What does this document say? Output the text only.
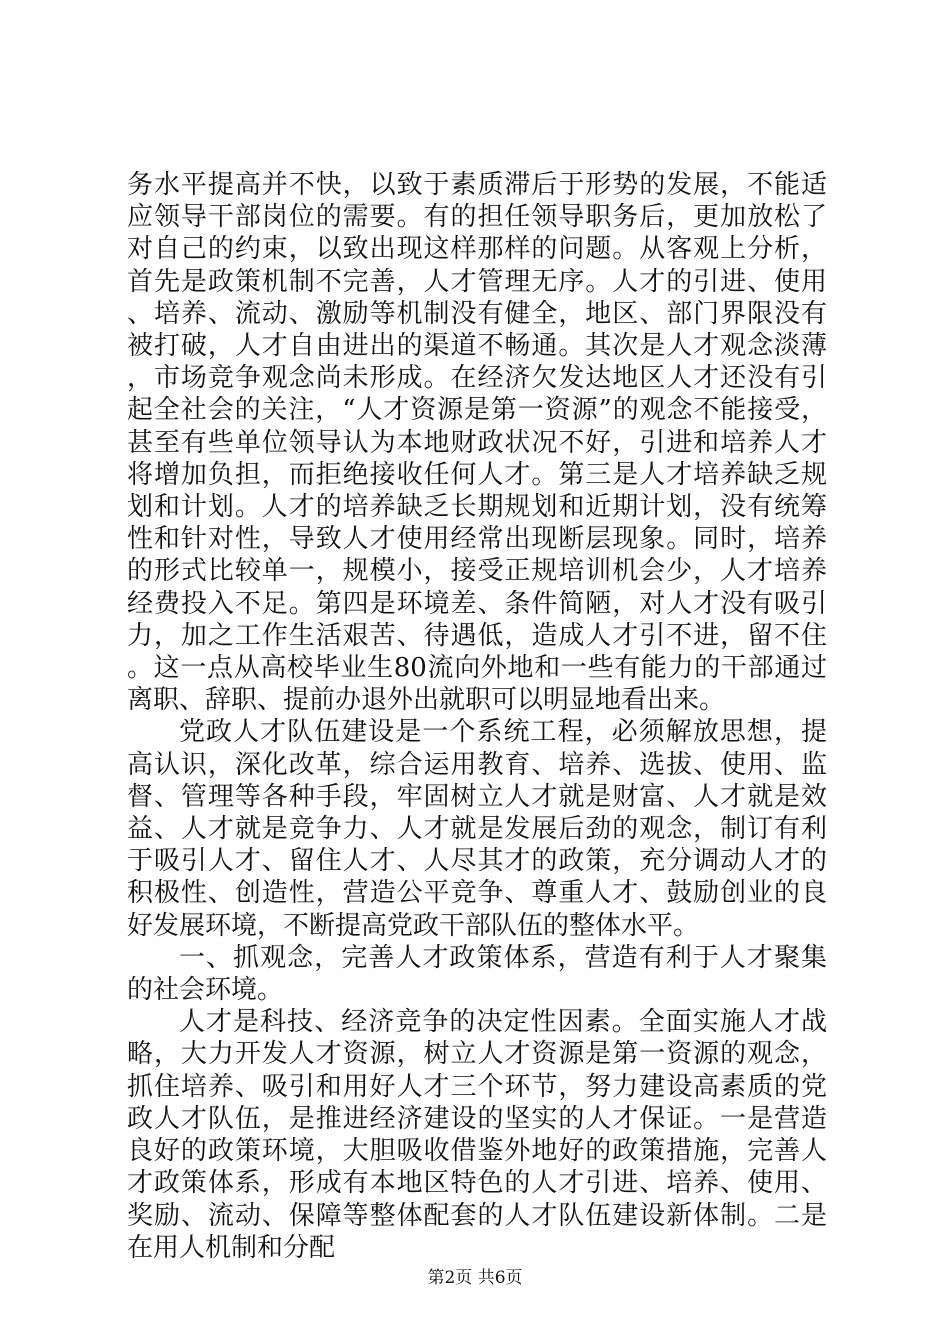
务水平提高并不快，以致于素质滞后于形势的发展，不能适应领导干部岗位的需要。有的担任领导职务后，更加放松了对自己的约束，以致出现这样那样的问题。从客观上分析，首先是政策机制不完善，人才管理无序。人才的引进、使用、培养、流动、激励等机制没有健全，地区、部门界限没有被打破，人才自由进出的渠道不畅通。其次是人才观念淡薄，市场竞争观念尚未形成。在经济欠发达地区人才还没有引起全社会的关注，“人才资源是第一资源”的观念不能接受，甚至有些单位领导认为本地财政状况不好，引进和培养人才将增加负担，而拒绝接收任何人才。第三是人才培养缺乏规划和计划。人才的培养缺乏长期规划和近期计划，没有统筹性和针对性，导致人才使用经常出现断层现象。同时，培养的形式比较单一，规模小，接受正规培训机会少，人才培养经费投入不足。第四是环境差、条件简陋，对人才没有吸引力，加之工作生活艰苦、待遇低，造成人才引不进，留不住。这一点从高校毕业生80流向外地和一些有能力的干部通过离职、辞职、提前办退外出就职可以明显地看出来。

党政人才队伍建设是一个系统工程，必须解放思想，提高认识，深化改革，综合运用教育、培养、选拔、使用、监督、管理等各种手段，牢固树立人才就是财富、人才就是效益、人才就是竞争力、人才就是发展后劲的观念，制订有利于吸引人才、留住人才、人尽其才的政策，充分调动人才的积极性、创造性，营造公平竞争、尊重人才、鼓励创业的良好发展环境，不断提高党政干部队伍的整体水平。

一、抓观念，完善人才政策体系，营造有利于人才聚集的社会环境。

人才是科技、经济竞争的决定性因素。全面实施人才战略，大力开发人才资源，树立人才资源是第一资源的观念，抓住培养、吸引和用好人才三个环节，努力建设高素质的党政人才队伍，是推进经济建设的坚实的人才保证。一是营造良好的政策环境，大胆吸收借鉴外地好的政策措施，完善人才政策体系，形成有本地区特色的人才引进、培养、使用、奖励、流动、保障等整体配套的人才队伍建设新体制。二是在用人机制和分配

第2页 共6页
